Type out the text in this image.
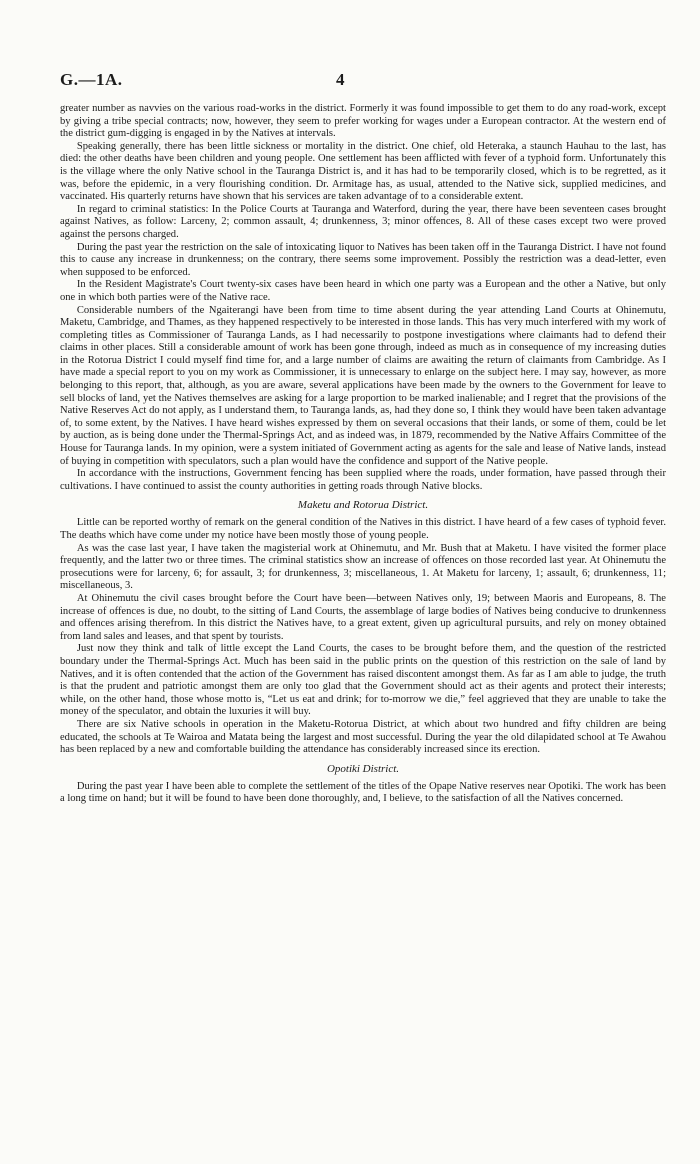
G.—1A.	4

greater number as navvies on the various road-works in the district. Formerly it was found impossible to get them to do any road-work, except by giving a tribe special contracts; now, however, they seem to prefer working for wages under a European contractor. At the western end of the district gum-digging is engaged in by the Natives at intervals.

Speaking generally, there has been little sickness or mortality in the district. One chief, old Heteraka, a staunch Hauhau to the last, has died: the other deaths have been children and young people. One settlement has been afflicted with fever of a typhoid form. Unfortunately this is the village where the only Native school in the Tauranga District is, and it has had to be temporarily closed, which is to be regretted, as it was, before the epidemic, in a very flourishing condition. Dr. Armitage has, as usual, attended to the Native sick, supplied medicines, and vaccinated. His quarterly returns have shown that his services are taken advantage of to a considerable extent.

In regard to criminal statistics: In the Police Courts at Tauranga and Waterford, during the year, there have been seventeen cases brought against Natives, as follow: Larceny, 2; common assault, 4; drunkenness, 3; minor offences, 8. All of these cases except two were proved against the persons charged.

During the past year the restriction on the sale of intoxicating liquor to Natives has been taken off in the Tauranga District. I have not found this to cause any increase in drunkenness; on the contrary, there seems some improvement. Possibly the restriction was a dead-letter, even when supposed to be enforced.

In the Resident Magistrate's Court twenty-six cases have been heard in which one party was a European and the other a Native, but only one in which both parties were of the Native race.

Considerable numbers of the Ngaiterangi have been from time to time absent during the year attending Land Courts at Ohinemutu, Maketu, Cambridge, and Thames, as they happened respectively to be interested in those lands. This has very much interfered with my work of completing titles as Commissioner of Tauranga Lands, as I had necessarily to postpone investigations where claimants had to defend their claims in other places. Still a considerable amount of work has been gone through, indeed as much as in consequence of my increasing duties in the Rotorua District I could myself find time for, and a large number of claims are awaiting the return of claimants from Cambridge. As I have made a special report to you on my work as Commissioner, it is unnecessary to enlarge on the subject here. I may say, however, as more belonging to this report, that, although, as you are aware, several applications have been made by the owners to the Government for leave to sell blocks of land, yet the Natives themselves are asking for a large proportion to be marked inalienable; and I regret that the provisions of the Native Reserves Act do not apply, as I understand them, to Tauranga lands, as, had they done so, I think they would have been taken advantage of, to some extent, by the Natives. I have heard wishes expressed by them on several occasions that their lands, or some of them, could be let by auction, as is being done under the Thermal-Springs Act, and as indeed was, in 1879, recommended by the Native Affairs Committee of the House for Tauranga lands. In my opinion, were a system initiated of Government acting as agents for the sale and lease of Native lands, instead of buying in competition with speculators, such a plan would have the confidence and support of the Native people.

In accordance with the instructions, Government fencing has been supplied where the roads, under formation, have passed through their cultivations. I have continued to assist the county authorities in getting roads through Native blocks.

Maketu and Rotorua District.

Little can be reported worthy of remark on the general condition of the Natives in this district. I have heard of a few cases of typhoid fever. The deaths which have come under my notice have been mostly those of young people.

As was the case last year, I have taken the magisterial work at Ohinemutu, and Mr. Bush that at Maketu. I have visited the former place frequently, and the latter two or three times. The criminal statistics show an increase of offences on those recorded last year. At Ohinemutu the prosecutions were for larceny, 6; for assault, 3; for drunkenness, 3; miscellaneous, 1. At Maketu for larceny, 1; assault, 6; drunkenness, 11; miscellaneous, 3.

At Ohinemutu the civil cases brought before the Court have been—between Natives only, 19; between Maoris and Europeans, 8. The increase of offences is due, no doubt, to the sitting of Land Courts, the assemblage of large bodies of Natives being conducive to drunkenness and offences arising therefrom. In this district the Natives have, to a great extent, given up agricultural pursuits, and rely on money obtained from land sales and leases, and that spent by tourists.

Just now they think and talk of little except the Land Courts, the cases to be brought before them, and the question of the restricted boundary under the Thermal-Springs Act. Much has been said in the public prints on the question of this restriction on the sale of land by Natives, and it is often contended that the action of the Government has raised discontent amongst them. As far as I am able to judge, the truth is that the prudent and patriotic amongst them are only too glad that the Government should act as their agents and protect their interests; while, on the other hand, those whose motto is, “Let us eat and drink; for to-morrow we die,” feel aggrieved that they are unable to take the money of the speculator, and obtain the luxuries it will buy.

There are six Native schools in operation in the Maketu-Rotorua District, at which about two hundred and fifty children are being educated, the schools at Te Wairoa and Matata being the largest and most successful. During the year the old dilapidated school at Te Awahou has been replaced by a new and comfortable building the attendance has considerably increased since its erection.

Opotiki District.

During the past year I have been able to complete the settlement of the titles of the Opape Native reserves near Opotiki. The work has been a long time on hand; but it will be found to have been done thoroughly, and, I believe, to the satisfaction of all the Natives concerned.
